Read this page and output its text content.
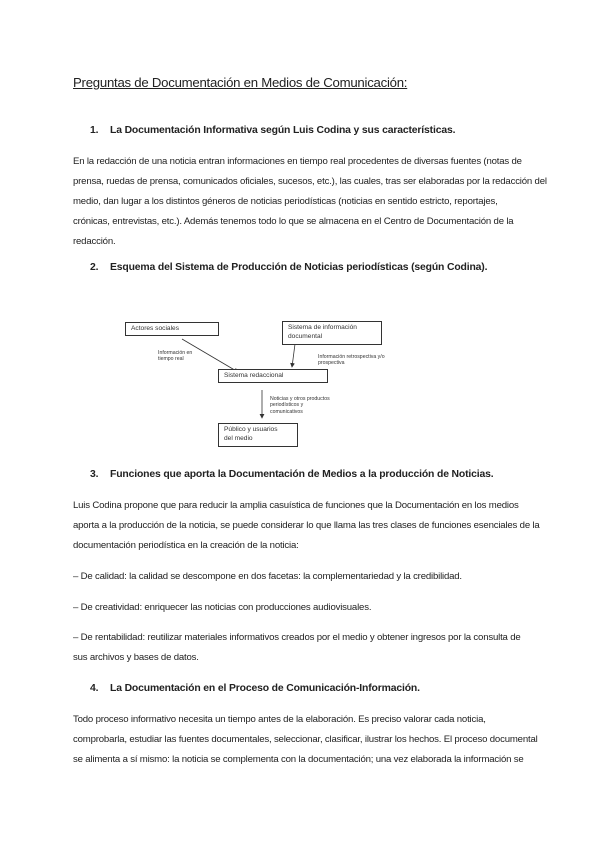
Preguntas de Documentación en Medios de Comunicación:
1. La Documentación Informativa según Luis Codina y sus características.

En la redacción de una noticia entran informaciones en tiempo real procedentes de diversas fuentes (notas de
prensa, ruedas de prensa, comunicados oficiales, sucesos, etc.), las cuales, tras ser elaboradas por la redacción del
medio, dan lugar a los distintos géneros de noticias periodísticas (noticias en sentido estricto, reportajes,
crónicas, entrevistas, etc.). Además tenemos todo lo que se almacena en el Centro de Documentación de la
redacción.

2. Esquema del Sistema de Producción de Noticias periodísticas (según Codina).
Actores sociales	Sistema de información
documental
Sistema redaccional
Público y usuarios
del medio
Información en
tiempo real	Información retrospectiva y/o
prospectiva
Noticias y otros productos
periodísticos y
comunicativos
3. Funciones que aporta la Documentación de Medios a la producción de Noticias.

Luis Codina propone que para reducir la amplia casuística de funciones que la Documentación en los medios
aporta a la producción de la noticia, se puede considerar lo que llama las tres clases de funciones esenciales de la
documentación periodística en la creación de la noticia:

– De calidad: la calidad se descompone en dos facetas: la complementariedad y la credibilidad.

– De creatividad: enriquecer las noticias con producciones audiovisuales.

– De rentabilidad: reutilizar materiales informativos creados por el medio y obtener ingresos por la consulta de
sus archivos y bases de datos.

4. La Documentación en el Proceso de Comunicación-Información.

Todo proceso informativo necesita un tiempo antes de la elaboración. Es preciso valorar cada noticia,
comprobarla, estudiar las fuentes documentales, seleccionar, clasificar, ilustrar los hechos. El proceso documental
se alimenta a sí mismo: la noticia se complementa con la documentación; una vez elaborada la información se
